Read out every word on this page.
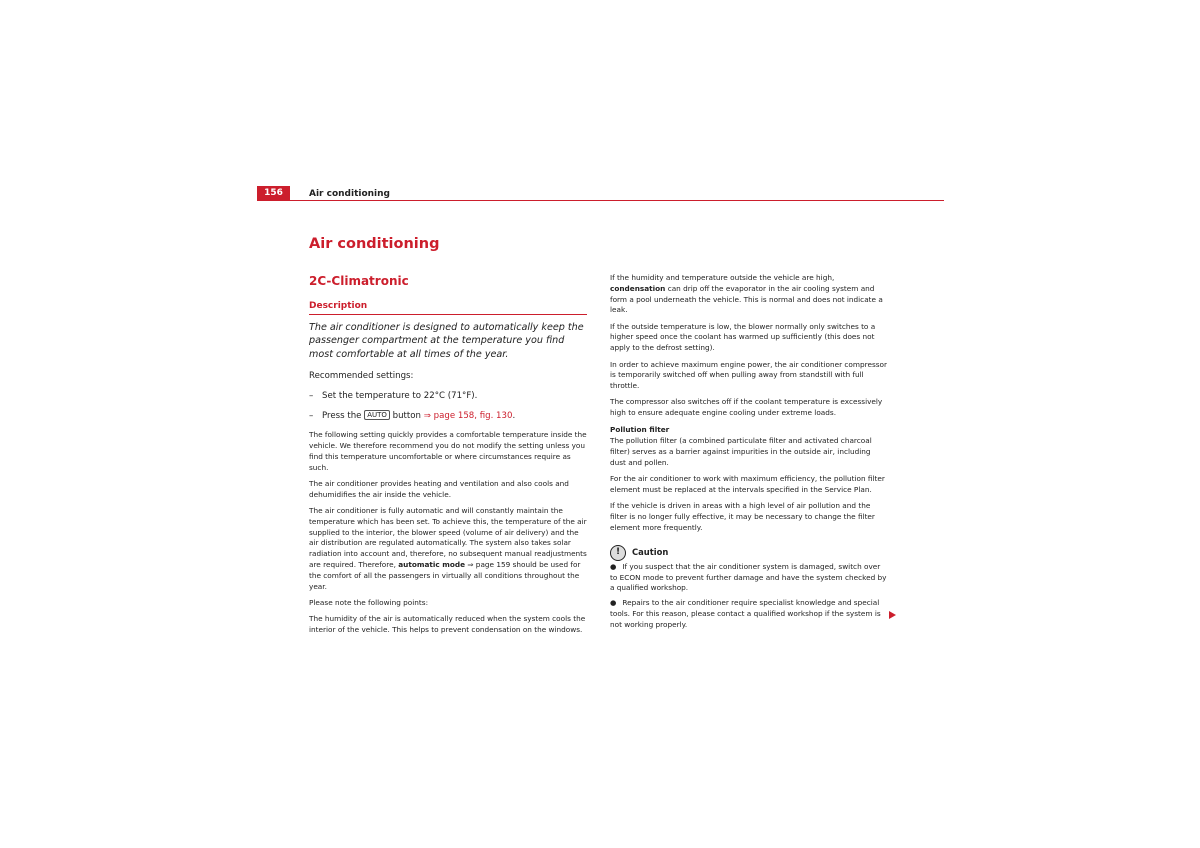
156	Air conditioning
Air conditioning
2C-Climatronic
Description

The air conditioner is designed to automatically keep the passenger compartment at the temperature you find most comfortable at all times of the year.

Recommended settings:

– Set the temperature to 22°C (71°F).
– Press the AUTO button ⇒ page 158, fig. 130.

The following setting quickly provides a comfortable temperature inside the vehicle. We therefore recommend you do not modify the setting unless you find this temperature uncomfortable or where circumstances require as such.

The air conditioner provides heating and ventilation and also cools and dehumidifies the air inside the vehicle.

The air conditioner is fully automatic and will constantly maintain the temperature which has been set. To achieve this, the temperature of the air supplied to the interior, the blower speed (volume of air delivery) and the air distribution are regulated automatically. The system also takes solar radiation into account and, therefore, no subsequent manual readjustments are required. Therefore, automatic mode ⇒ page 159 should be used for the comfort of all the passengers in virtually all conditions throughout the year.

Please note the following points:

The humidity of the air is automatically reduced when the system cools the interior of the vehicle. This helps to prevent condensation on the windows.

If the humidity and temperature outside the vehicle are high, condensation can drip off the evaporator in the air cooling system and form a pool underneath the vehicle. This is normal and does not indicate a leak.

If the outside temperature is low, the blower normally only switches to a higher speed once the coolant has warmed up sufficiently (this does not apply to the defrost setting).

In order to achieve maximum engine power, the air conditioner compressor is temporarily switched off when pulling away from standstill with full throttle.

The compressor also switches off if the coolant temperature is excessively high to ensure adequate engine cooling under extreme loads.

Pollution filter

The pollution filter (a combined particulate filter and activated charcoal filter) serves as a barrier against impurities in the outside air, including dust and pollen.

For the air conditioner to work with maximum efficiency, the pollution filter element must be replaced at the intervals specified in the Service Plan.

If the vehicle is driven in areas with a high level of air pollution and the filter is no longer fully effective, it may be necessary to change the filter element more frequently.

!	Caution

● If you suspect that the air conditioner system is damaged, switch over to ECON mode to prevent further damage and have the system checked by a qualified workshop.

● Repairs to the air conditioner require specialist knowledge and special tools. For this reason, please contact a qualified workshop if the system is not working properly.
